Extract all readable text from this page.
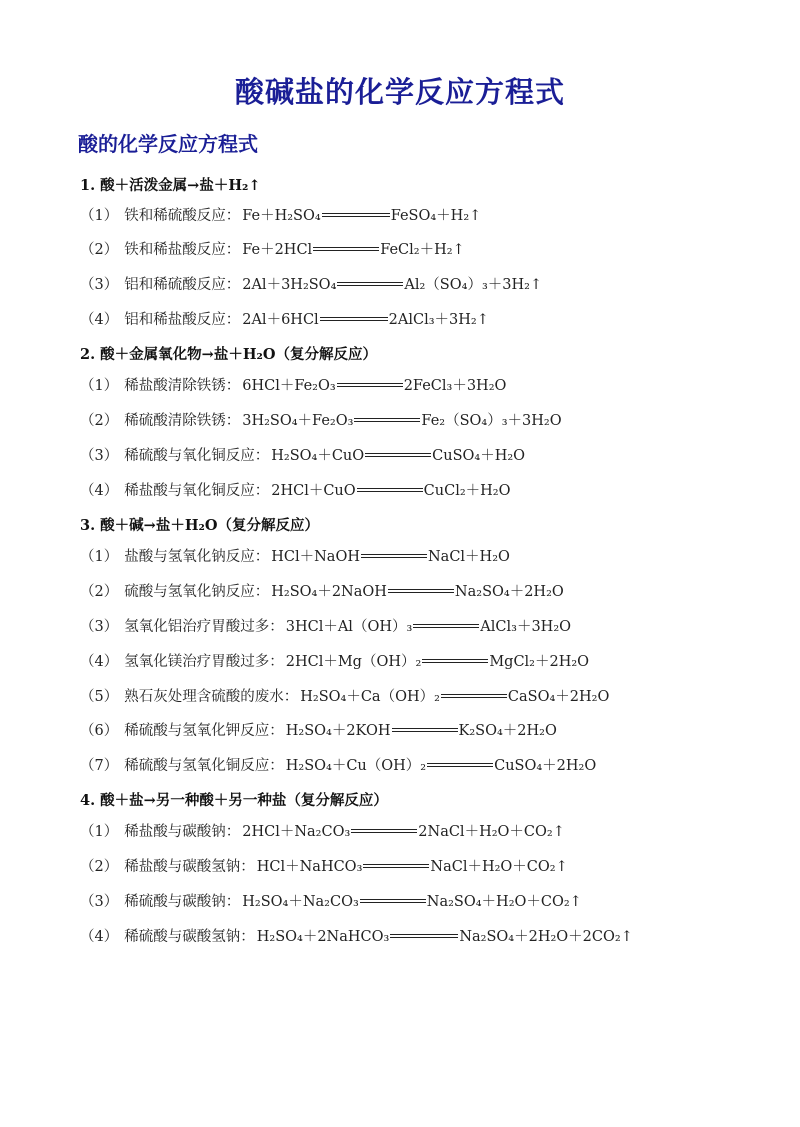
酸碱盐的化学反应方程式
酸的化学反应方程式
1. 酸＋活泼金属→盐＋H₂↑
（1） 铁和稀硫酸反应： Fe＋H₂SO₄	FeSO₄＋H₂↑
（2） 铁和稀盐酸反应： Fe＋2HCl	FeCl₂＋H₂↑
（3） 铝和稀硫酸反应： 2Al＋3H₂SO₄	Al₂（SO₄）₃＋3H₂↑
（4） 铝和稀盐酸反应： 2Al＋6HCl	2AlCl₃＋3H₂↑
2. 酸＋金属氧化物→盐＋H₂O（复分解反应）
（1） 稀盐酸清除铁锈： 6HCl＋Fe₂O₃	2FeCl₃＋3H₂O
（2） 稀硫酸清除铁锈： 3H₂SO₄＋Fe₂O₃	Fe₂（SO₄）₃＋3H₂O
（3） 稀硫酸与氧化铜反应： H₂SO₄＋CuO	CuSO₄＋H₂O
（4） 稀盐酸与氧化铜反应： 2HCl＋CuO	CuCl₂＋H₂O
3. 酸＋碱→盐＋H₂O（复分解反应）
（1） 盐酸与氢氧化钠反应： HCl＋NaOH	NaCl＋H₂O
（2） 硫酸与氢氧化钠反应： H₂SO₄＋2NaOH	Na₂SO₄＋2H₂O
（3） 氢氧化铝治疗胃酸过多： 3HCl＋Al（OH）₃	AlCl₃＋3H₂O
（4） 氢氧化镁治疗胃酸过多： 2HCl＋Mg（OH）₂	MgCl₂＋2H₂O
（5） 熟石灰处理含硫酸的废水： H₂SO₄＋Ca（OH）₂	CaSO₄＋2H₂O
（6） 稀硫酸与氢氧化钾反应： H₂SO₄＋2KOH	K₂SO₄＋2H₂O
（7） 稀硫酸与氢氧化铜反应： H₂SO₄＋Cu（OH）₂	CuSO₄＋2H₂O
4. 酸＋盐→另一种酸＋另一种盐（复分解反应）
（1） 稀盐酸与碳酸钠： 2HCl＋Na₂CO₃	2NaCl＋H₂O＋CO₂↑
（2） 稀盐酸与碳酸氢钠： HCl＋NaHCO₃	NaCl＋H₂O＋CO₂↑
（3） 稀硫酸与碳酸钠： H₂SO₄＋Na₂CO₃	Na₂SO₄＋H₂O＋CO₂↑
（4） 稀硫酸与碳酸氢钠： H₂SO₄＋2NaHCO₃	Na₂SO₄＋2H₂O＋2CO₂↑
